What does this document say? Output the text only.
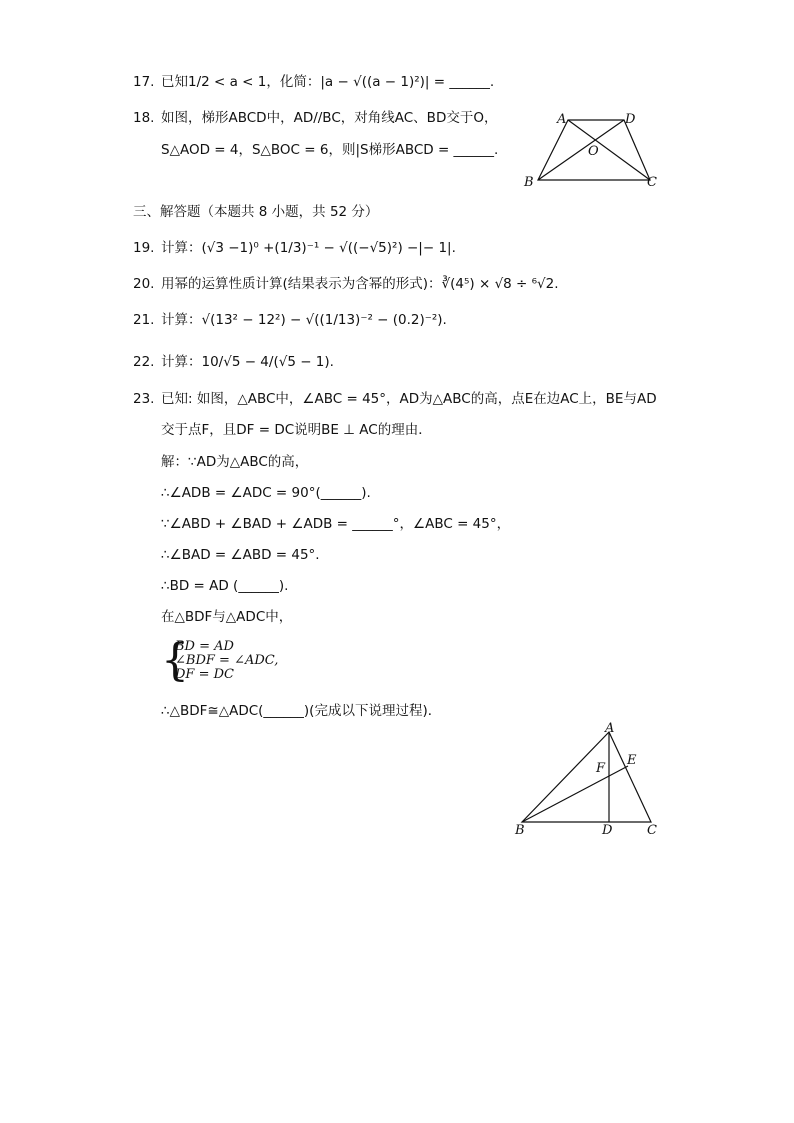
17. 已知1/2 < a < 1，化简：|a − √((a − 1)²)| = ______.
18. 如图，梯形ABCD中，AD//BC，对角线AC、BD交于O，
S△AOD = 4，S△BOC = 6，则|S梯形ABCD = ______.
A	D
O
B	C
三、解答题（本题共 8 小题，共 52 分）
19. 计算：(√3 −1)⁰ +(1/3)⁻¹ − √((−√5)²) −|− 1|.
20. 用幂的运算性质计算(结果表示为含幂的形式)：∛(4⁵) × √8 ÷ ⁶√2.
21. 计算：√(13² − 12²) − √((1/13)⁻² − (0.2)⁻²).
22. 计算：10/√5 − 4/(√5 − 1).
23. 已知: 如图，△ABC中，∠ABC = 45°，AD为△ABC的高，点E在边AC上，BE与AD
交于点F，且DF = DC说明BE ⊥ AC的理由．
解：∵AD为△ABC的高，
∴∠ADB = ∠ADC = 90°(______).
∵∠ABD + ∠BAD + ∠ADB = ______°，∠ABC = 45°，
∴∠BAD = ∠ABD = 45°.
∴BD = AD (______).
在△BDF与△ADC中，
{
BD = AD
∠BDF = ∠ADC,
DF = DC
∴△BDF≅△ADC(______)(完成以下说理过程)．
A
E
F
B	D	C
